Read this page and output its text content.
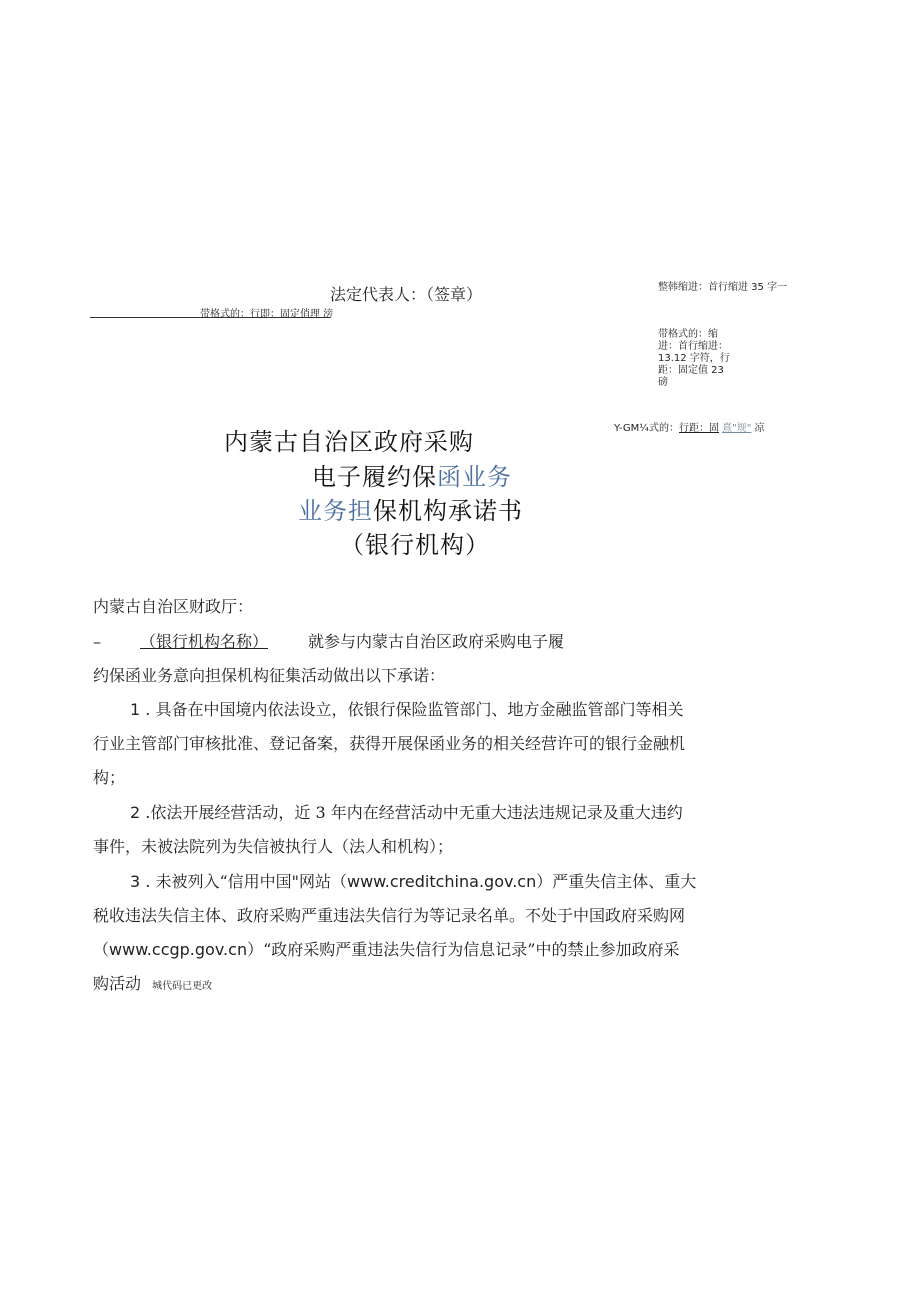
法定代表人：（签章）	整韩缩进：首行缩进 35 字一
带格式的：行即：固定俏理 滂
带格式的：缩
进：首行缩进：
13.12 字符，行
距：固定值 23
磅
Y-GM¼式的：行距：固 熹"规" 凉
内蒙古自治区政府采购
电子履约保函业务
业务担保机构承诺书
（银行机构）
内蒙古自治区财政厅：
– （银行机构名称） 就参与内蒙古自治区政府采购电子履
约保函业务意向担保机构征集活动做出以下承诺：
1 . 具备在中国境内依法设立，依银行保险监管部门、地方金融监管部门等相关
行业主管部门审核批准、登记备案，获得开展保函业务的相关经营许可的银行金融机
构；
2 .依法开展经营活动，近 3 年内在经营活动中无重大违法违规记录及重大违约
事件，未被法院列为失信被执行人（法人和机构）；
3 . 未被列入“信用中国"网站（www.creditchina.gov.cn）严重失信主体、重大
税收违法失信主体、政府采购严重违法失信行为等记录名单。不处于中国政府采购网
（www.ccgp.gov.cn）“政府采购严重违法失信行为信息记录”中的禁止参加政府采
购活动 城代码已更改
